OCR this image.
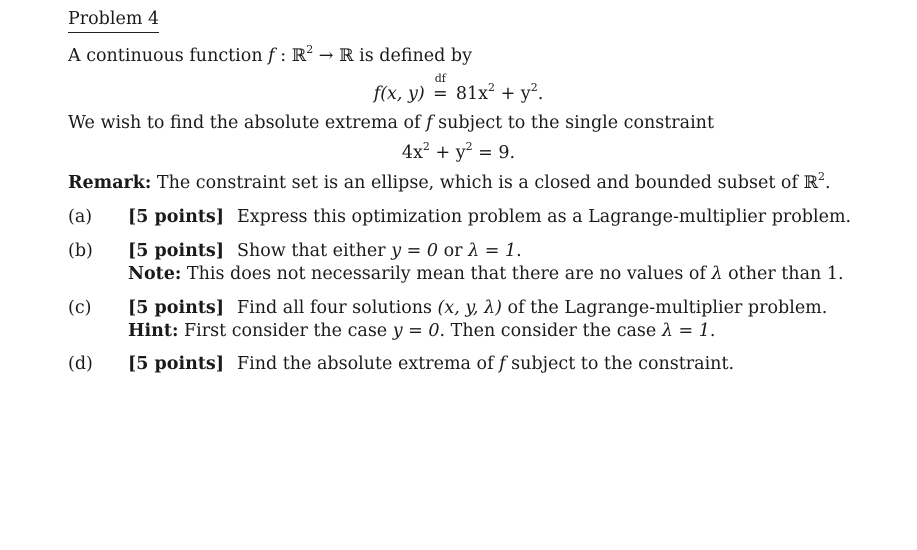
Problem 4
A continuous function f : ℝ$^2$ → ℝ is defined by
f(x, y)
df
= $81x^2 + y^2$.
We wish to find the absolute extrema of f subject to the single constraint
$4x^2 + y^2 = 9$.
Remark: The constraint set is an ellipse, which is a closed and bounded subset of ℝ$^2$.
(a) [5 points] Express this optimization problem as a Lagrange-multiplier problem.
(b) [5 points] Show that either y = 0 or λ = 1.
Note: This does not necessarily mean that there are no values of λ other than 1.
(c) [5 points] Find all four solutions (x, y, λ) of the Lagrange-multiplier problem.
Hint: First consider the case y = 0. Then consider the case λ = 1.
(d) [5 points] Find the absolute extrema of f subject to the constraint.
